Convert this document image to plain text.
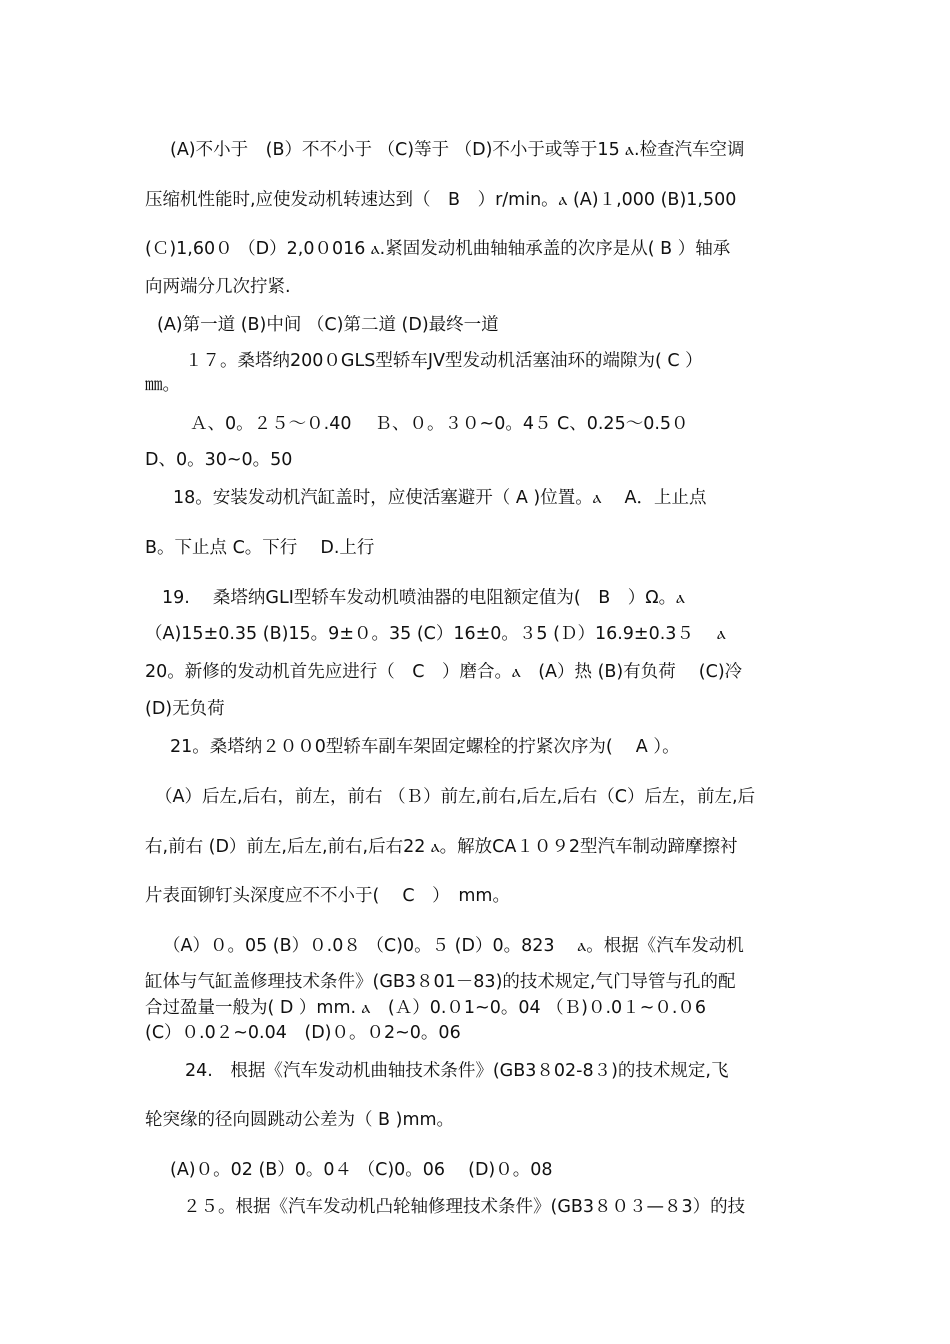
(A)不小于　(B）不不小于 （C)等于 （D)不小于或等于15 ⲁ.检查汽车空调
压缩机性能时,应使发动机转速达到（　B　）r/min。ⲁ (A)１,000 (B)1,500
(Ｃ)1,60０ （D）2,0０016 ⲁ.紧固发动机曲轴轴承盖的次序是从( B ）轴承
向两端分几次拧紧.
(A)第一道 (B)中间 （C)第二道 (D)最终一道
１７。桑塔纳200０GLS型轿车JV型发动机活塞油环的端隙为( C ）
㎜。
Ａ、0。２５～０.40　 Ｂ、０。３０~0。4５ C、0.25～0.5０
D、0。30~0。50
18。安装发动机汽缸盖时，应使活塞避开（ A )位置。ⲁ　 A．上止点
B。下止点 C。下行　 D.上行
19.　 桑塔纳GLI型轿车发动机喷油器的电阻额定值为(　B　）Ω。ⲁ
（A)15±0.35 (B)15。9±０。35 (C）16±0。３5 (Ｄ）16.9±0.3５　 ⲁ
20。新修的发动机首先应进行（　C　）磨合。ⲁ　(A）热 (B)有负荷　 (C)冷
(D)无负荷
21。桑塔纳２００0型轿车副车架固定螺栓的拧紧次序为(　 A ）。
（A）后左,后右，前左，前右 （Ｂ）前左,前右,后左,后右（C）后左，前左,后
右,前右 (D）前左,后左,前右,后右22 ⲁ。解放CA１０９2型汽车制动蹄摩擦衬
片表面铆钉头深度应不不小于(　 C　）　mm。
（A）０。05 (B）０.0８ （C)0。５ (D）0。823　 ⲁ。根据《汽车发动机
缸体与气缸盖修理技术条件》(GB3８01－83)的技术规定,气门导管与孔的配
合过盈量一般为( D ）mm. ⲁ　(Ａ）0.０1~0。04 （Ｂ)０.0１~０.０6
(C）０.0２~0.04　(D)０。０2~0。06
24.　根据《汽车发动机曲轴技术条件》(GB3８02-8３)的技术规定,飞
轮突缘的径向圆跳动公差为（ B )mm。
(A)０。02 (B）0。0４ （C)0。06　 (D)０。08
２５。根据《汽车发动机凸轮轴修理技术条件》(GB3８０３—８3）的技
